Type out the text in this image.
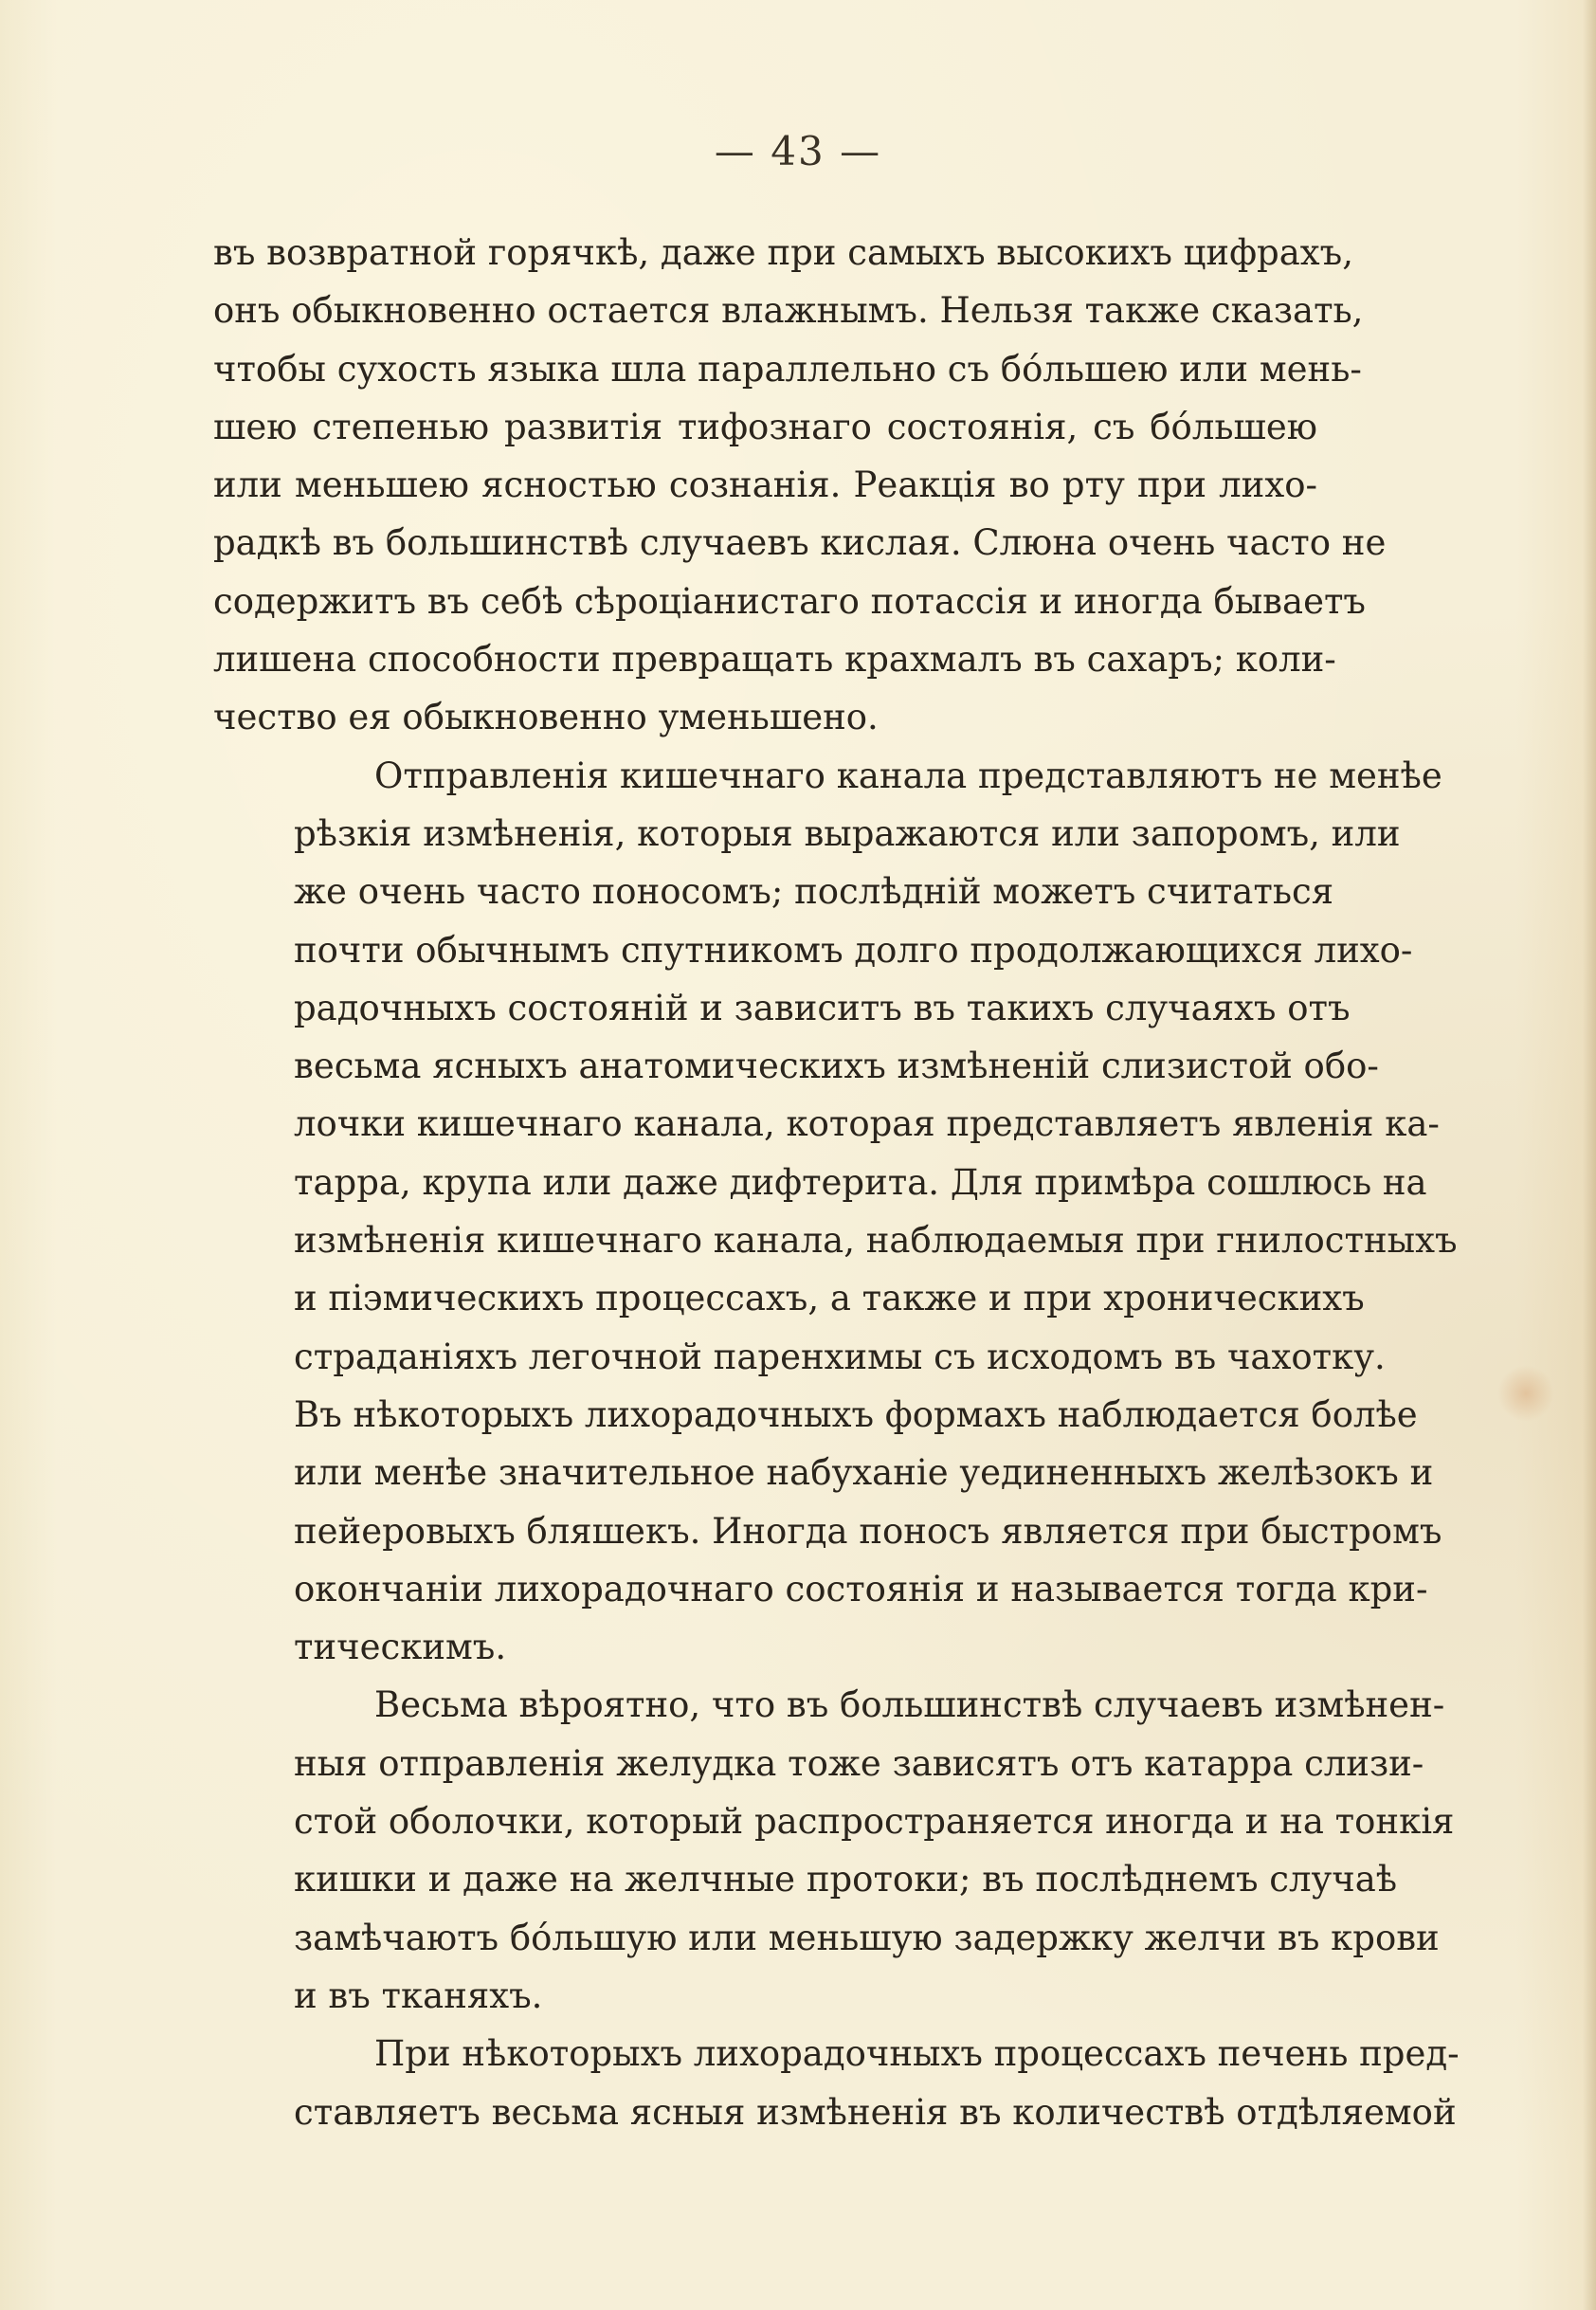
— 43 —
въ возвратной горячкѣ, даже при самыхъ высокихъ цифрахъ,
онъ обыкновенно остается влажнымъ. Нельзя также сказать,
чтобы сухость языка шла параллельно съ бо́льшею или мень-
шею степенью развитія тифознаго состоянія, съ бо́льшею
или меньшею ясностью сознанія. Реакція во рту при лихо-
радкѣ въ большинствѣ случаевъ кислая. Слюна очень часто не
содержитъ въ себѣ сѣроціанистаго потассія и иногда бываетъ
лишена способности превращать крахмалъ въ сахаръ; коли-
чество ея обыкновенно уменьшено.
Отправленія кишечнаго канала представляютъ не менѣе
рѣзкія измѣненія, которыя выражаются или запоромъ, или
же очень часто поносомъ; послѣдній можетъ считаться
почти обычнымъ спутникомъ долго продолжающихся лихо-
радочныхъ состояній и зависитъ въ такихъ случаяхъ отъ
весьма ясныхъ анатомическихъ измѣненій слизистой обо-
лочки кишечнаго канала, которая представляетъ явленія ка-
тарра, крупа или даже дифтерита. Для примѣра сошлюсь на
измѣненія кишечнаго канала, наблюдаемыя при гнилостныхъ
и піэмическихъ процессахъ, а также и при хроническихъ
страданіяхъ легочной паренхимы съ исходомъ въ чахотку.
Въ нѣкоторыхъ лихорадочныхъ формахъ наблюдается болѣе
или менѣе значительное набуханіе уединенныхъ желѣзокъ и
пейеровыхъ бляшекъ. Иногда поносъ является при быстромъ
окончаніи лихорадочнаго состоянія и называется тогда кри-
тическимъ.
Весьма вѣроятно, что въ большинствѣ случаевъ измѣнен-
ныя отправленія желудка тоже зависятъ отъ катарра слизи-
стой оболочки, который распространяется иногда и на тонкія
кишки и даже на желчные протоки; въ послѣднемъ случаѣ
замѣчаютъ бо́льшую или меньшую задержку желчи въ крови
и въ тканяхъ.
При нѣкоторыхъ лихорадочныхъ процессахъ печень пред-
ставляетъ весьма ясныя измѣненія въ количествѣ отдѣляемой
